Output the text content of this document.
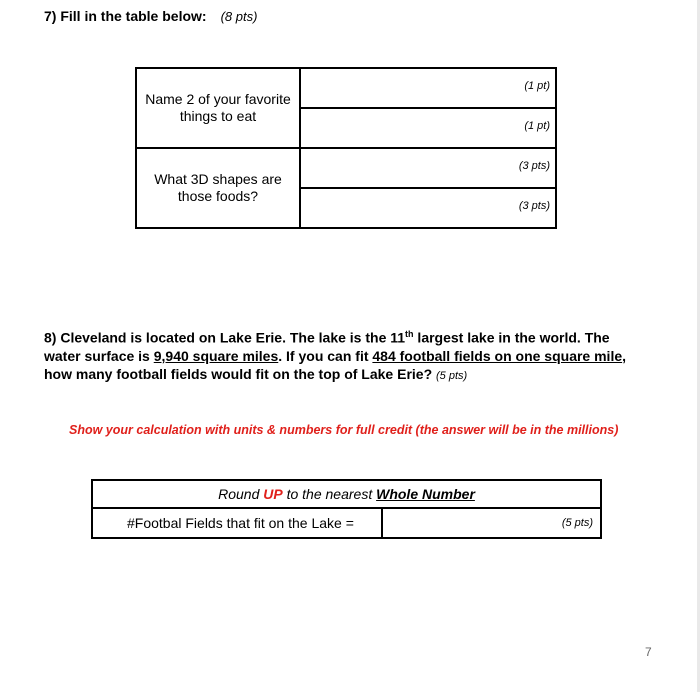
7) Fill in the table below: (8 pts)
Name 2 of your favorite things to eat	(1 pt)
	(1 pt)
What 3D shapes are those foods?	(3 pts)
	(3 pts)
8) Cleveland is located on Lake Erie. The lake is the 11th largest lake in the world. The water surface is 9,940 square miles. If you can fit 484 football fields on one square mile, how many football fields would fit on the top of Lake Erie? (5 pts)
Show your calculation with units & numbers for full credit (the answer will be in the millions)
Round UP to the nearest Whole Number
#Footbal Fields that fit on the Lake =	(5 pts)
7
